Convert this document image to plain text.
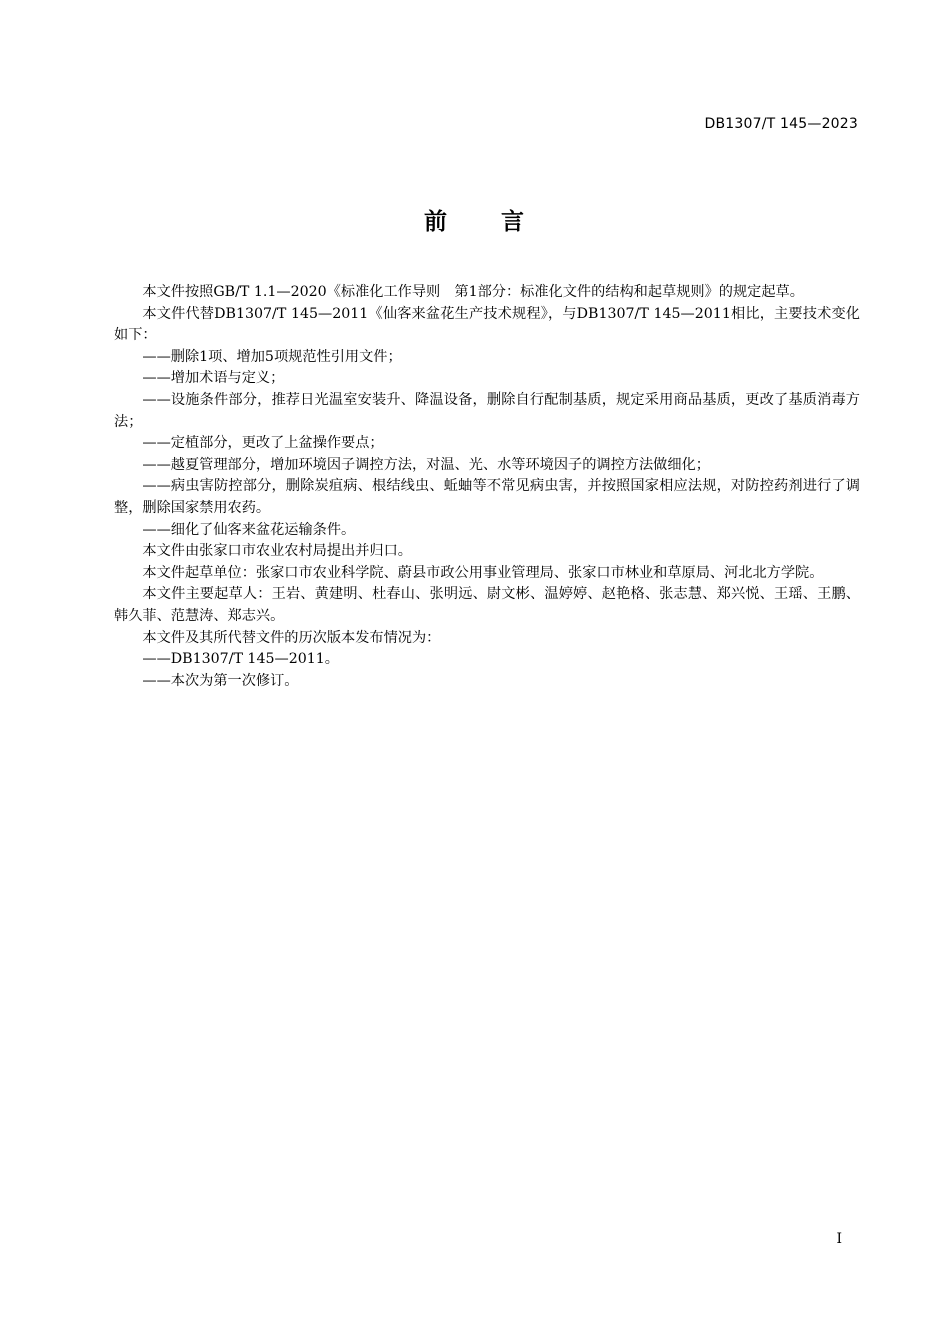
DB1307/T 145—2023
前 言

本文件按照GB/T 1.1—2020《标准化工作导则　第1部分：标准化文件的结构和起草规则》的规定起草。

本文件代替DB1307/T 145—2011《仙客来盆花生产技术规程》，与DB1307/T 145—2011相比，主要技术变化如下：

——删除1项、增加5项规范性引用文件；

——增加术语与定义；

——设施条件部分，推荐日光温室安装升、降温设备，删除自行配制基质，规定采用商品基质，更改了基质消毒方法；

——定植部分，更改了上盆操作要点；

——越夏管理部分，增加环境因子调控方法，对温、光、水等环境因子的调控方法做细化；

——病虫害防控部分，删除炭疽病、根结线虫、蚯蚰等不常见病虫害，并按照国家相应法规，对防控药剂进行了调整，删除国家禁用农药。

——细化了仙客来盆花运输条件。

本文件由张家口市农业农村局提出并归口。

本文件起草单位：张家口市农业科学院、蔚县市政公用事业管理局、张家口市林业和草原局、河北北方学院。

本文件主要起草人：王岩、黄建明、杜春山、张明远、尉文彬、温婷婷、赵艳格、张志慧、郑兴悦、王瑶、王鹏、韩久菲、范慧涛、郑志兴。

本文件及其所代替文件的历次版本发布情况为：

——DB1307/T 145—2011。

——本次为第一次修订。

I
